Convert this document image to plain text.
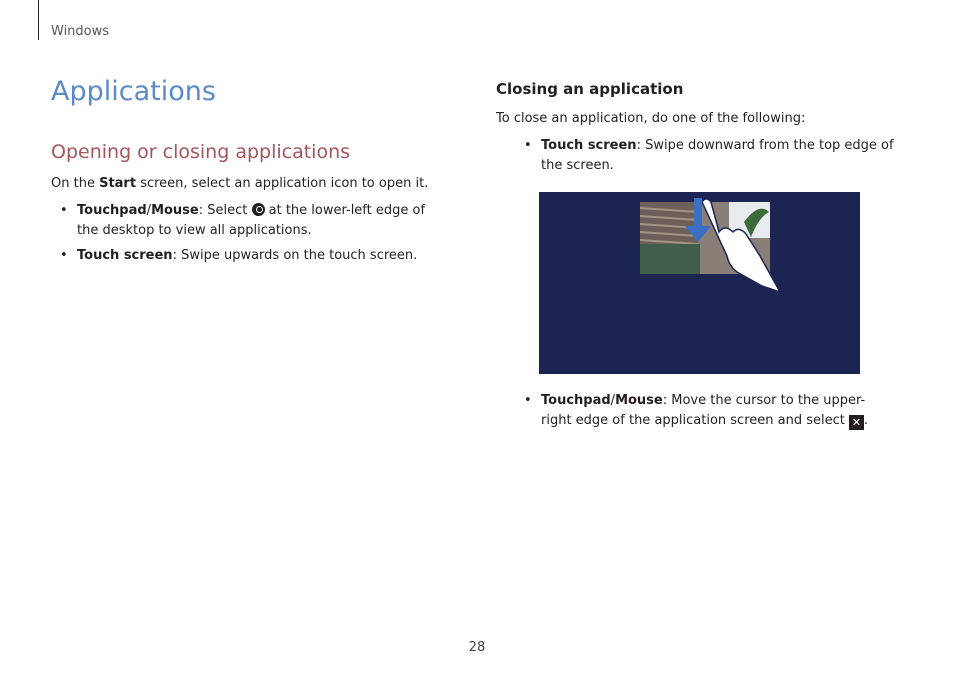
Windows
Applications
Opening or closing applications

On the Start screen, select an application icon to open it.

• Touchpad/Mouse: Select  at the lower-left edge of the desktop to view all applications.
• Touch screen: Swipe upwards on the touch screen.
Closing an application

To close an application, do one of the following:

• Touch screen: Swipe downward from the top edge of the screen.
• Touchpad/Mouse: Move the cursor to the upper-right edge of the application screen and select ✕ .
28
